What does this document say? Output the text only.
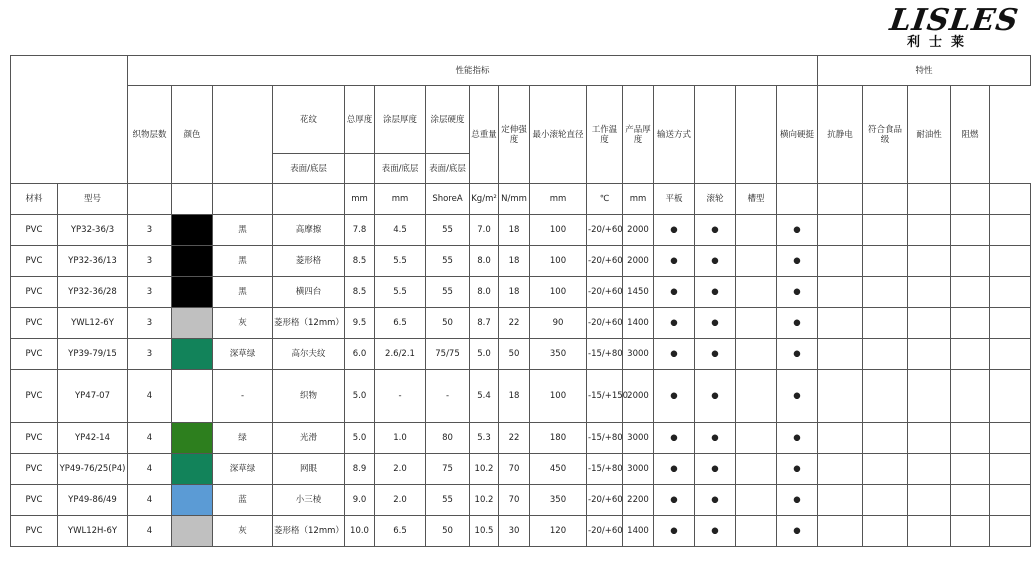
LISLES
利士莱
		性能指标																特性				
		织物层数	颜色		花纹	总厚度	涂层厚度	涂层硬度	总重量	定伸强度	最小滚轮直径	工作温度	产品厚度	输送方式			横向硬挺	抗静电	符合食品级	耐油性	阻燃	
					表面/底层		表面/底层	表面/底层														
材料	型号					mm	mm	ShoreA	Kg/m²	N/mm	mm	℃	mm	平板	滚轮	槽型						
PVC	YP32-36/3	3		黑	高摩擦	7.8	4.5	55	7.0	18	100	-20/+60	2000	●	●		●					
PVC	YP32-36/13	3		黑	菱形格	8.5	5.5	55	8.0	18	100	-20/+60	2000	●	●		●					
PVC	YP32-36/28	3		黑	横四台	8.5	5.5	55	8.0	18	100	-20/+60	1450	●	●		●					
PVC	YWL12-6Y	3		灰	菱形格（12mm）	9.5	6.5	50	8.7	22	90	-20/+60	1400	●	●		●					
PVC	YP39-79/15	3		深草绿	高尔夫纹	6.0	2.6/2.1	75/75	5.0	50	350	-15/+80	3000	●	●		●					
PVC	YP47-07	4		-	织物	5.0	-	-	5.4	18	100	-15/+150	2000	●	●		●					
PVC	YP42-14	4		绿	光滑	5.0	1.0	80	5.3	22	180	-15/+80	3000	●	●		●					
PVC	YP49-76/25(P4)	4		深草绿	网眼	8.9	2.0	75	10.2	70	450	-15/+80	3000	●	●		●					
PVC	YP49-86/49	4		蓝	小三棱	9.0	2.0	55	10.2	70	350	-20/+60	2200	●	●		●					
PVC	YWL12H-6Y	4		灰	菱形格（12mm）	10.0	6.5	50	10.5	30	120	-20/+60	1400	●	●		●					
